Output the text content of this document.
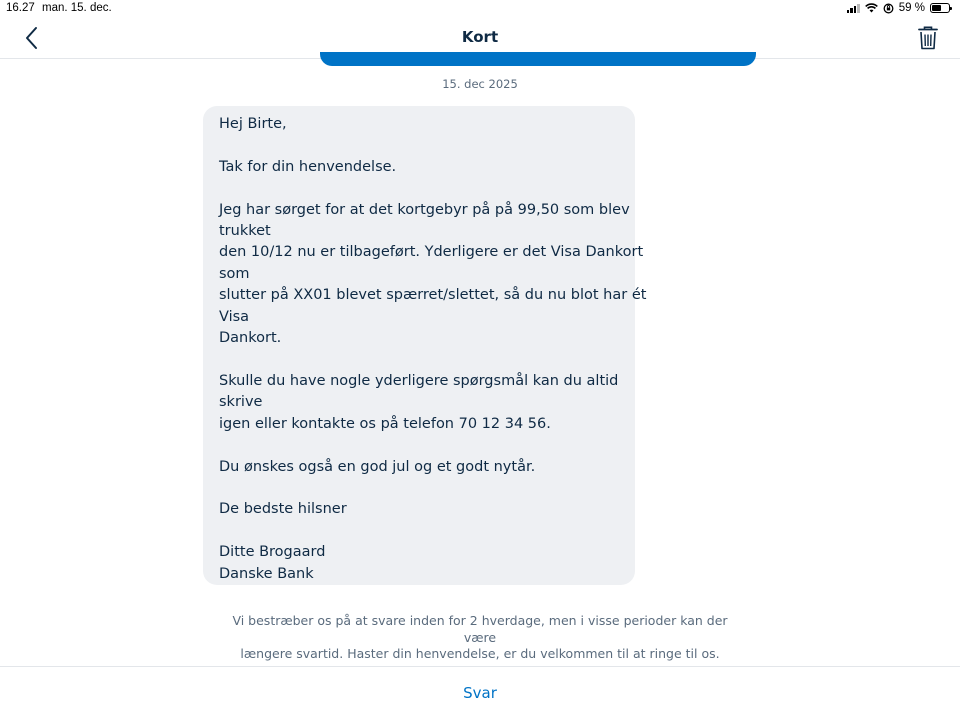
16.27 man. 15. dec.	59 %
Kort
15. dec 2025
Hej Birte,

Tak for din henvendelse.

Jeg har sørget for at det kortgebyr på på 99,50 som blev
trukket
den 10/12 nu er tilbageført. Yderligere er det Visa Dankort
som
slutter på XX01 blevet spærret/slettet, så du nu blot har ét
Visa
Dankort.

Skulle du have nogle yderligere spørgsmål kan du altid
skrive
igen eller kontakte os på telefon 70 12 34 56.

Du ønskes også en god jul og et godt nytår.

De bedste hilsner

Ditte Brogaard
Danske Bank
Vi bestræber os på at svare inden for 2 hverdage, men i visse perioder kan der være
længere svartid. Haster din henvendelse, er du velkommen til at ringe til os.
Svar
